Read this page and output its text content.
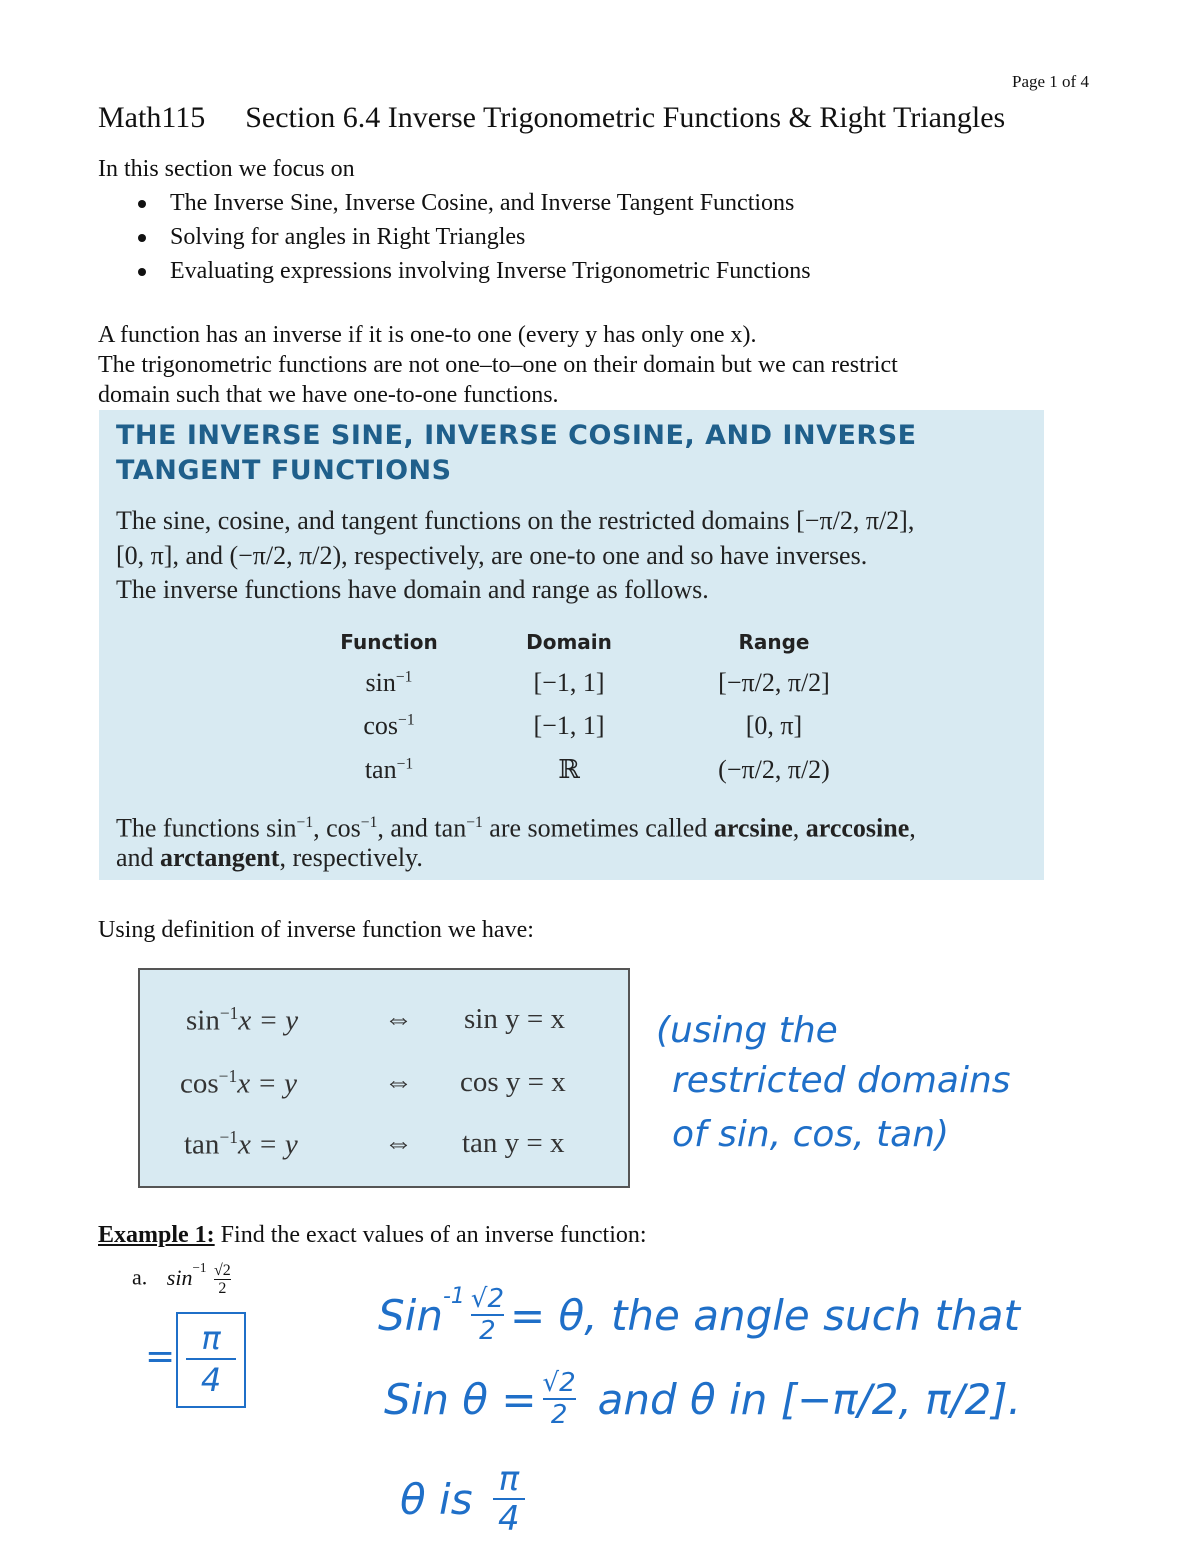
Page 1 of 4
Math115 Section 6.4 Inverse Trigonometric Functions & Right Triangles
In this section we focus on
The Inverse Sine, Inverse Cosine, and Inverse Tangent Functions
Solving for angles in Right Triangles
Evaluating expressions involving Inverse Trigonometric Functions
A function has an inverse if it is one-to one (every y has only one x).
The trigonometric functions are not one–to–one on their domain but we can restrict
domain such that we have one-to-one functions.
THE INVERSE SINE, INVERSE COSINE, AND INVERSE TANGENT FUNCTIONS
The sine, cosine, and tangent functions on the restricted domains [−π/2, π/2],
[0, π], and (−π/2, π/2), respectively, are one-to one and so have inverses.
The inverse functions have domain and range as follows.
Function	Domain	Range
$\sin^{-1}$	[−1, 1]	[−π/2, π/2]
$\cos^{-1}$	[−1, 1]	[0, π]
$\tan^{-1}$	ℝ	(−π/2, π/2)
The functions $\sin^{-1}$, $\cos^{-1}$, and $\tan^{-1}$ are sometimes called arcsine, arccosine,
and arctangent, respectively.
Using definition of inverse function we have:
$\sin^{-1}x = y$	⇔ sin y = x
$\cos^{-1}x = y$	⇔ cos y = x
$\tan^{-1}x = y$	⇔ tan y = x
(using the
restricted domains
of sin, cos, tan)
Example 1: Find the exact values of an inverse function:
a. $\sin^{-1} \frac{√2}{2}$
= π
4
$Sin^{-1} \frac{√2}{2} = \theta$, the angle such that
Sin $\theta = \frac{√2}{2}$ and θ in [−π/2, π/2].
θ is π
4
